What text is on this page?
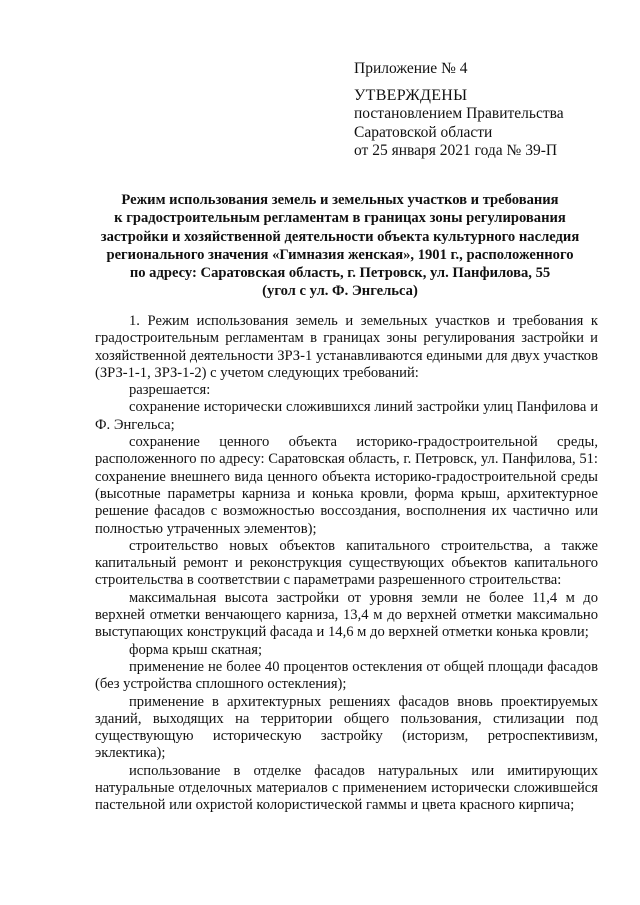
Приложение № 4
УТВЕРЖДЕНЫ
постановлением Правительства
Саратовской области
от 25 января 2021 года № 39-П
Режим использования земель и земельных участков и требования
к градостроительным регламентам в границах зоны регулирования
застройки и хозяйственной деятельности объекта культурного наследия
регионального значения «Гимназия женская», 1901 г., расположенного
по адресу: Саратовская область, г. Петровск, ул. Панфилова, 55
(угол с ул. Ф. Энгельса)

1. Режим использования земель и земельных участков и требования к градостроительным регламентам в границах зоны регулирования застройки и хозяйственной деятельности ЗРЗ-1 устанавливаются едиными для двух участков (ЗРЗ-1-1, ЗРЗ-1-2) с учетом следующих требований:

разрешается:

сохранение исторически сложившихся линий застройки улиц Панфилова и Ф. Энгельса;

сохранение ценного объекта историко-градостроительной среды, расположенного по адресу: Саратовская область, г. Петровск, ул. Панфилова, 51: сохранение внешнего вида ценного объекта историко-градостроительной среды (высотные параметры карниза и конька кровли, форма крыш, архитектурное решение фасадов с возможностью воссоздания, восполнения их частично или полностью утраченных элементов);

строительство новых объектов капитального строительства, а также капитальный ремонт и реконструкция существующих объектов капитального строительства в соответствии с параметрами разрешенного строительства:

максимальная высота застройки от уровня земли не более 11,4 м до верхней отметки венчающего карниза, 13,4 м до верхней отметки максимально выступающих конструкций фасада и 14,6 м до верхней отметки конька кровли;

форма крыш скатная;

применение не более 40 процентов остекления от общей площади фасадов (без устройства сплошного остекления);

применение в архитектурных решениях фасадов вновь проектируемых зданий, выходящих на территории общего пользования, стилизации под существующую историческую застройку (историзм, ретроспективизм, эклектика);

использование в отделке фасадов натуральных или имитирующих натуральные отделочных материалов с применением исторически сложившейся пастельной или охристой колористической гаммы и цвета красного кирпича;
